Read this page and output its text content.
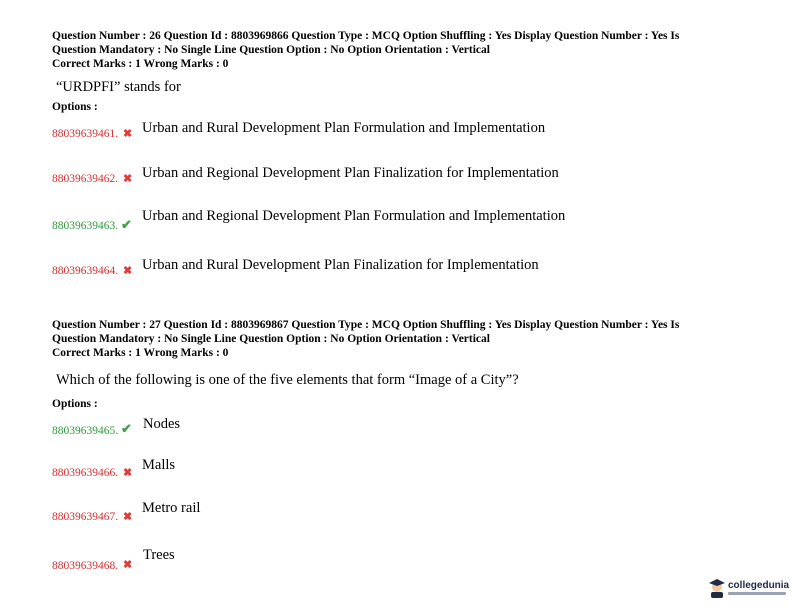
Question Number : 26 Question Id : 8803969866 Question Type : MCQ Option Shuffling : Yes Display Question Number : Yes Is
Question Mandatory : No Single Line Question Option : No Option Orientation : Vertical
Correct Marks : 1 Wrong Marks : 0
“URDPFI” stands for
Options :
88039639461. ✖ Urban and Rural Development Plan Formulation and Implementation
88039639462. ✖ Urban and Regional Development Plan Finalization for Implementation
88039639463. ✔
Urban and Regional Development Plan Formulation and Implementation
88039639464. ✖ Urban and Rural Development Plan Finalization for Implementation
Question Number : 27 Question Id : 8803969867 Question Type : MCQ Option Shuffling : Yes Display Question Number : Yes Is
Question Mandatory : No Single Line Question Option : No Option Orientation : Vertical
Correct Marks : 1 Wrong Marks : 0
Which of the following is one of the five elements that form “Image of a City”?
Options :
88039639465. ✔ Nodes
88039639466. ✖ Malls
88039639467. ✖
Metro rail
88039639468. ✖
Trees
collegedunia
